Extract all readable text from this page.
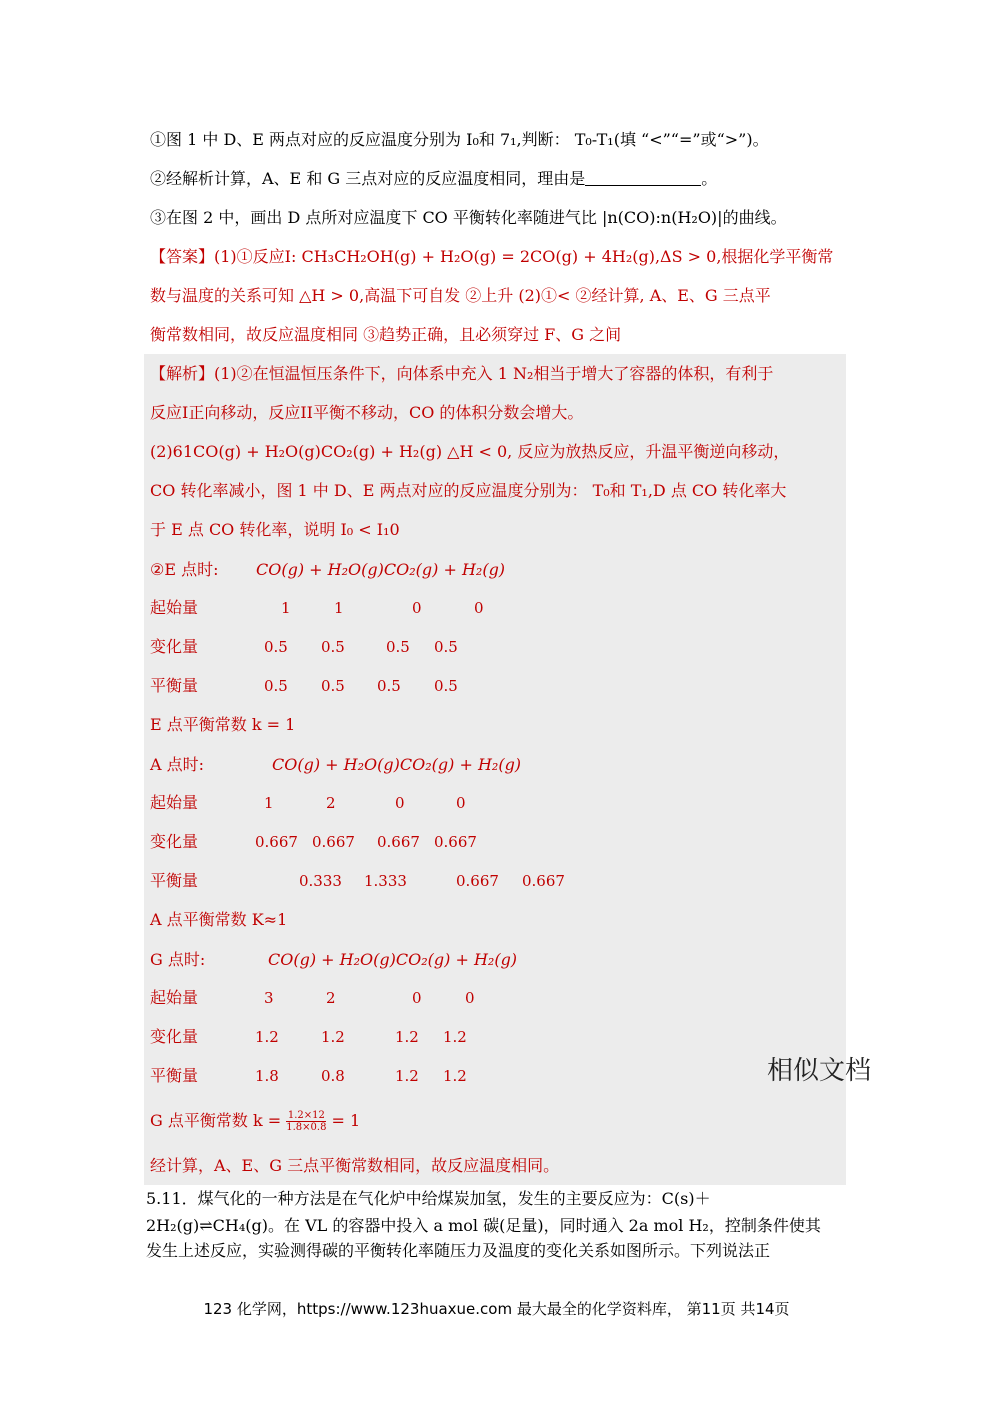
①图 1 中 D、E 两点对应的反应温度分别为 I₀和 7₁,判断： T₀-T₁(填 “<”“=”或“>”)。
②经解析计算，A、E 和 G 三点对应的反应温度相同，理由是	。
③在图 2 中，画出 D 点所对应温度下 CO 平衡转化率随进气比 |n(CO):n(H₂O)|的曲线。
【答案】(1)①反应I: CH₃CH₂OH(g) + H₂O(g) = 2CO(g) + 4H₂(g),ΔS > 0,根据化学平衡常
数与温度的关系可知 △H > 0,高温下可自发 ②上升 (2)①< ②经计算, A、E、G 三点平
衡常数相同，故反应温度相同 ③趋势正确，且必须穿过 F、G 之间
【解析】(1)②在恒温恒压条件下，向体系中充入 1 N₂相当于增大了容器的体积，有利于
反应I正向移动，反应II平衡不移动，CO 的体积分数会增大。
(2)61CO(g) + H₂O(g)CO₂(g) + H₂(g) △H < 0, 反应为放热反应，升温平衡逆向移动，
CO 转化率减小，图 1 中 D、E 两点对应的反应温度分别为： T₀和 T₁,D 点 CO 转化率大
于 E 点 CO 转化率，说明 I₀ < I₁0
②E 点时: CO(g) + H₂O(g)CO₂(g) + H₂(g)
起始量	1	1	0	0
变化量	0.5 0.5	0.5 0.5
平衡量	0.5 0.5 0.5 0.5
E 点平衡常数 k = 1
A 点时:	CO(g) + H₂O(g)CO₂(g) + H₂(g)
起始量	1	2	0	0
变化量	0.667 0.667 0.667 0.667
平衡量	0.333 1.333	0.667 0.667
A 点平衡常数 K≈1
G 点时:	CO(g) + H₂O(g)CO₂(g) + H₂(g)
起始量	3	2	0	0
变化量	1.2	1.2	1.2 1.2
平衡量	1.8	0.8	1.2 1.2
G 点平衡常数 $k = \frac{1.2\times 12}{1.8\times 0.8} = 1$
经计算，A、E、G 三点平衡常数相同，故反应温度相同。
5.11．煤气化的一种方法是在气化炉中给煤炭加氢，发生的主要反应为：C(s)＋
2H₂(g)⇌CH₄(g)。在 VL 的容器中投入 a mol 碳(足量)，同时通入 2a mol H₂，控制条件使其
发生上述反应，实验测得碳的平衡转化率随压力及温度的变化关系如图所示。下列说法正
相似文档
123 化学网，https://www.123huaxue.com 最大最全的化学资料库， 第11页 共14页
